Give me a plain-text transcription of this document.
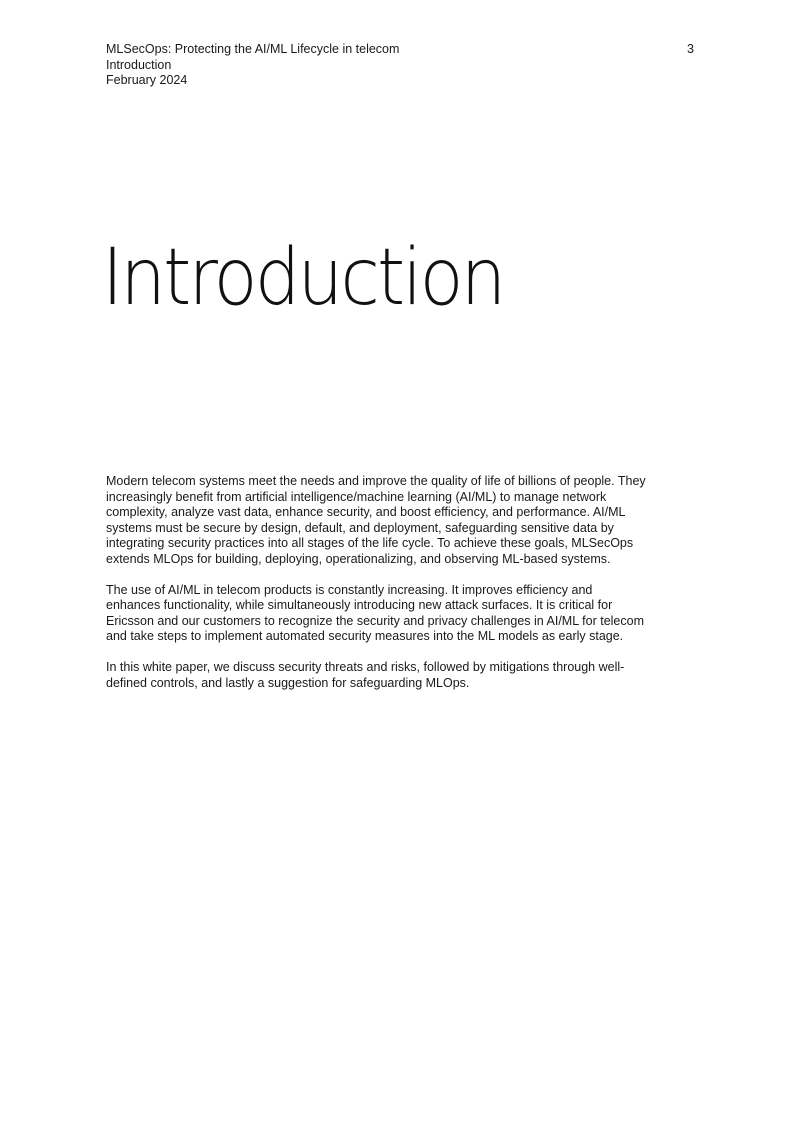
MLSecOps: Protecting the AI/ML Lifecycle in telecom
Introduction
February 2024
3
Introduction

Modern telecom systems meet the needs and improve the quality of life of billions of people. They increasingly benefit from artificial intelligence/machine learning (AI/ML) to manage network complexity, analyze vast data, enhance security, and boost efficiency, and performance. AI/ML systems must be secure by design, default, and deployment, safeguarding sensitive data by integrating security practices into all stages of the life cycle. To achieve these goals, MLSecOps extends MLOps for building, deploying, operationalizing, and observing ML-based systems.

The use of AI/ML in telecom products is constantly increasing. It improves efficiency and enhances functionality, while simultaneously introducing new attack surfaces. It is critical for Ericsson and our customers to recognize the security and privacy challenges in AI/ML for telecom and take steps to implement automated security measures into the ML models as early stage.

In this white paper, we discuss security threats and risks, followed by mitigations through well-defined controls, and lastly a suggestion for safeguarding MLOps.
